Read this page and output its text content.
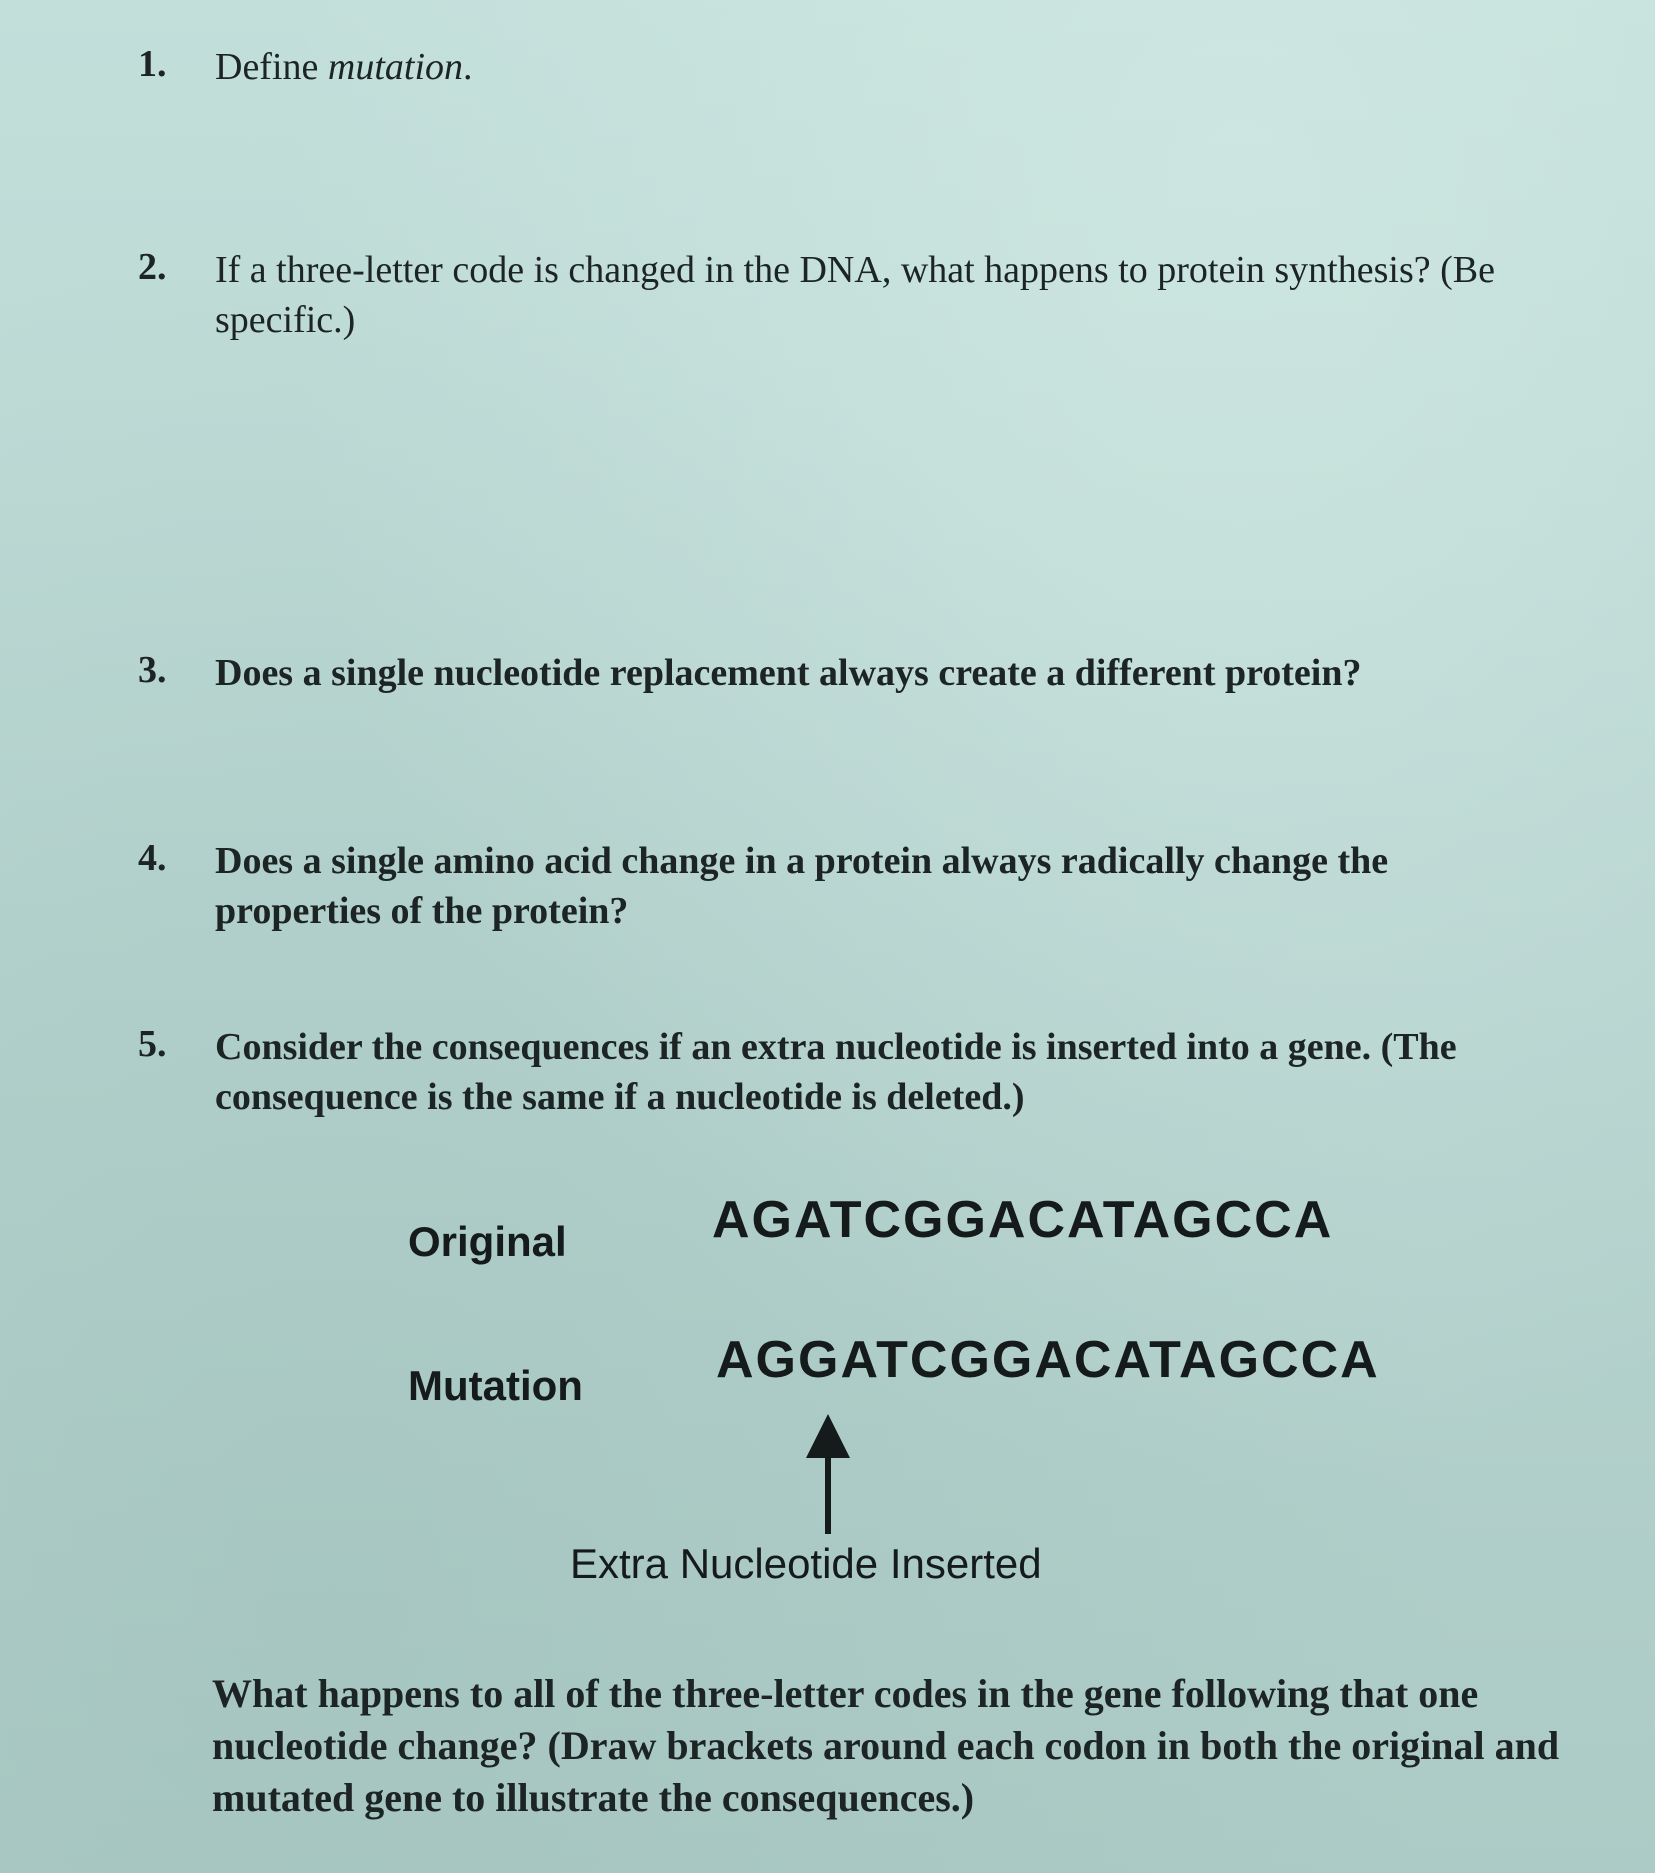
1. Define mutation.
2. If a three-letter code is changed in the DNA, what happens to protein synthesis? (Be specific.)
3. Does a single nucleotide replacement always create a different protein?
4. Does a single amino acid change in a protein always radically change the properties of the protein?
5. Consider the consequences if an extra nucleotide is inserted into a gene. (The consequence is the same if a nucleotide is deleted.)
Original	AGATCGGACATAGCCA
Mutation	AGGATCGGACATAGCCA
Extra Nucleotide Inserted
What happens to all of the three-letter codes in the gene following that one nucleotide change? (Draw brackets around each codon in both the original and mutated gene to illustrate the consequences.)
